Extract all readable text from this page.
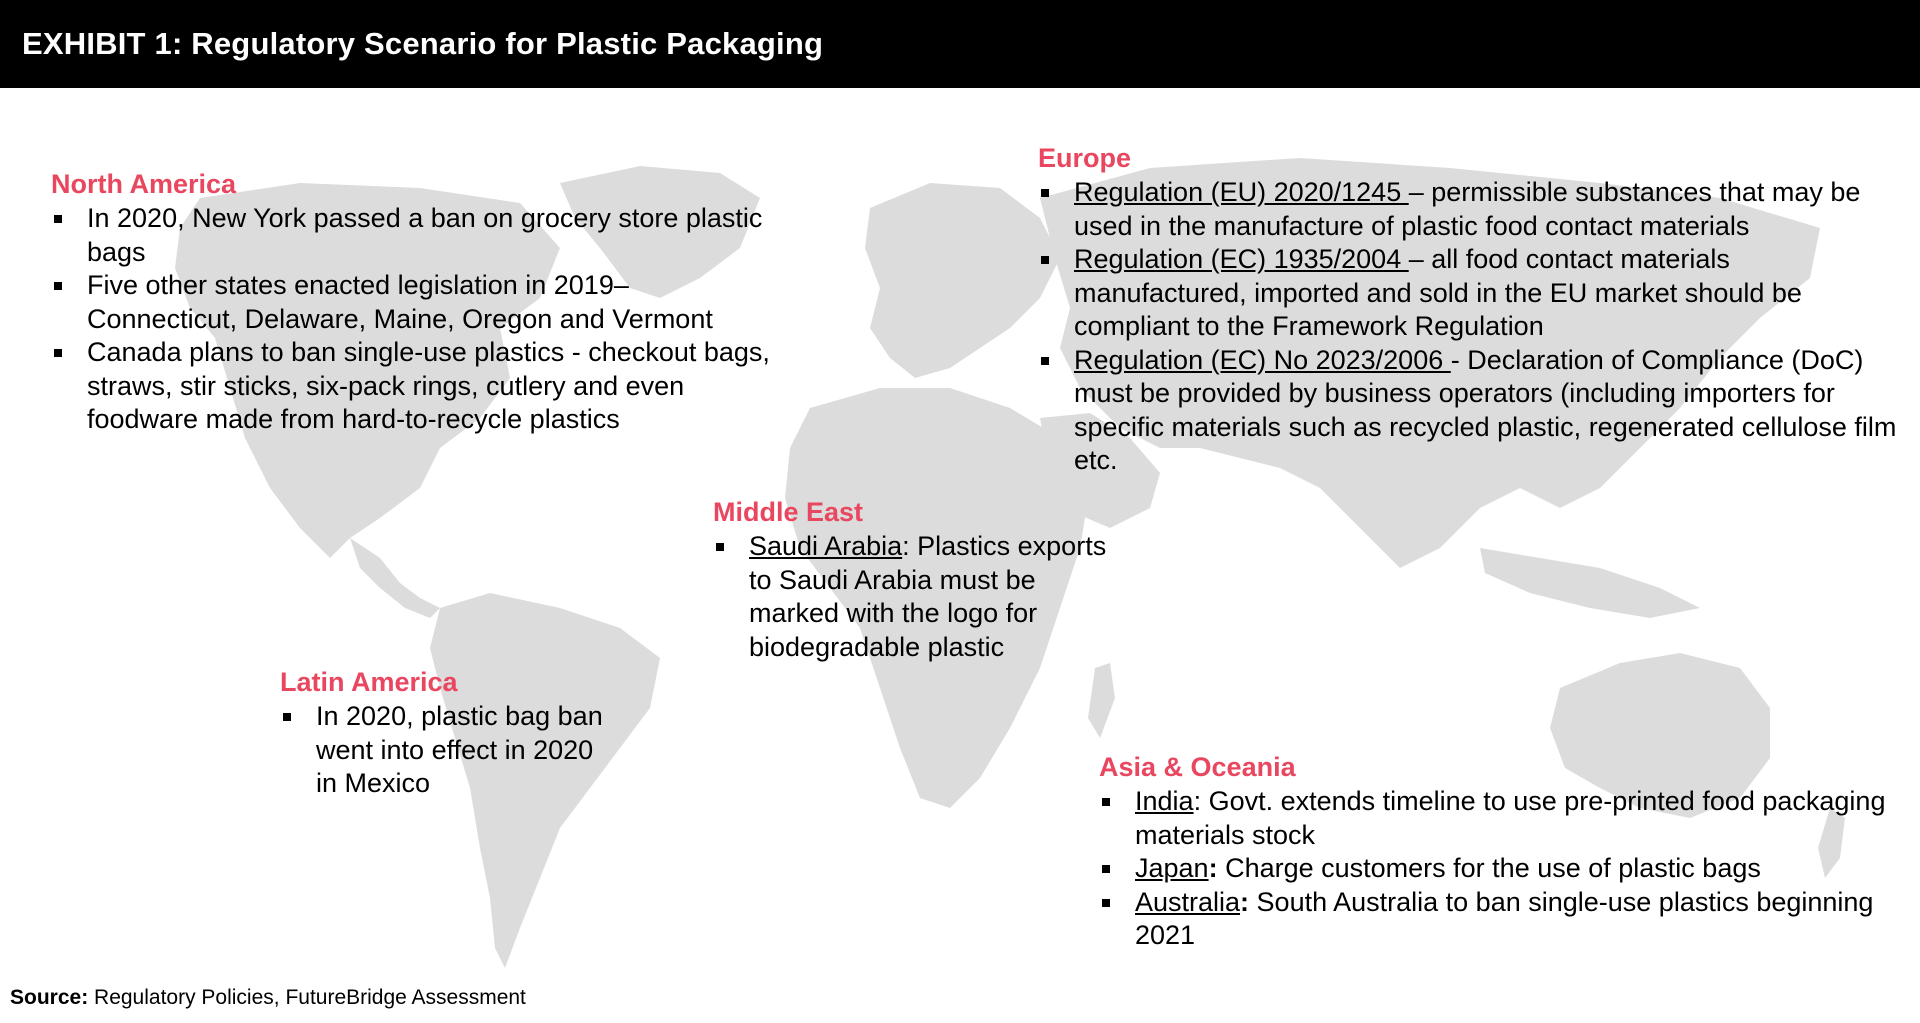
EXHIBIT 1: Regulatory Scenario for Plastic Packaging
North America
In 2020, New York passed a ban on grocery store plastic bags
Five other states enacted legislation in 2019– Connecticut, Delaware, Maine, Oregon and Vermont
Canada plans to ban single-use plastics - checkout bags, straws, stir sticks, six-pack rings, cutlery and even foodware made from hard-to-recycle plastics
Europe
Regulation (EU) 2020/1245 – permissible substances that may be used in the manufacture of plastic food contact materials
Regulation (EC) 1935/2004 – all food contact materials manufactured, imported and sold in the EU market should be compliant to the Framework Regulation
Regulation (EC) No 2023/2006 - Declaration of Compliance (DoC) must be provided by business operators (including importers for specific materials such as recycled plastic, regenerated cellulose film etc.
Middle East
Saudi Arabia: Plastics exports to Saudi Arabia must be marked with the logo for biodegradable plastic
Latin America
In 2020, plastic bag ban went into effect in 2020 in Mexico
Asia & Oceania
India: Govt. extends timeline to use pre-printed food packaging materials stock
Japan: Charge customers for the use of plastic bags
Australia: South Australia to ban single-use plastics beginning 2021
Source: Regulatory Policies, FutureBridge Assessment
